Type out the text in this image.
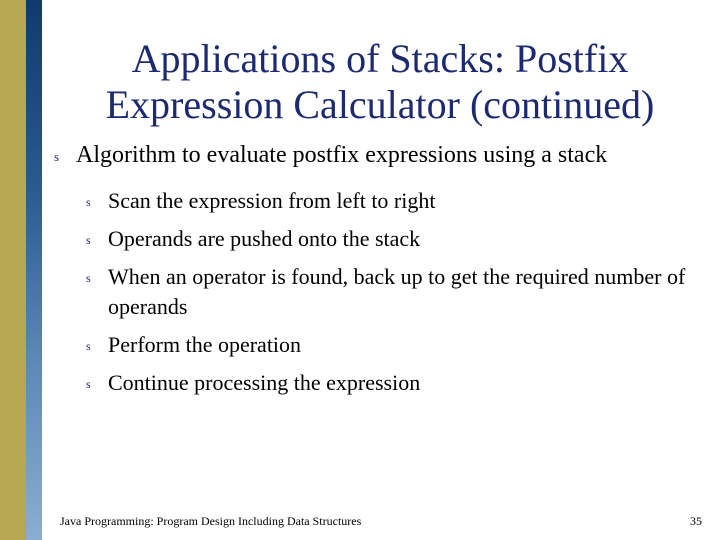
Applications of Stacks: Postfix Expression Calculator (continued)
s Algorithm to evaluate postfix expressions using a stack
s Scan the expression from left to right
s Operands are pushed onto the stack
s When an operator is found, back up to get the required number of operands
s Perform the operation
s Continue processing the expression
Java Programming: Program Design Including Data Structures	35
